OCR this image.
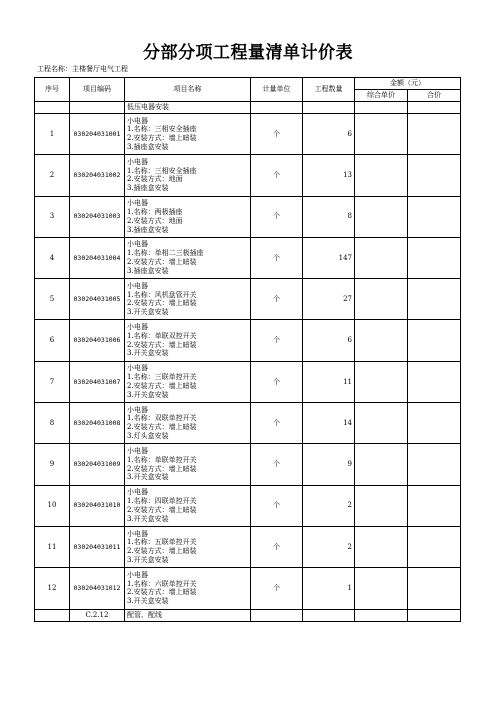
分部分项工程量清单计价表
工程名称：主楼餐厅电气工程
序号	项目编码	项目名称	计量单位	工程数量	金额（元）	
					综合单价	合价
		低压电器安装				
1	030204031001	小电器
1.名称：三相安全插座
2.安装方式：墙上暗装
3.插座盒安装	个	6		
2	030204031002	小电器
1.名称：三相安全插座
2.安装方式：地面
3.插座盒安装	个	13		
3	030204031003	小电器
1.名称：两极插座
2.安装方式：地面
3.插座盒安装	个	8		
4	030204031004	小电器
1.名称：单相二三极插座
2.安装方式：墙上暗装
3.插座盒安装	个	147		
5	030204031005	小电器
1.名称：风机盘管开关
2.安装方式：墙上暗装
3.开关盒安装	个	27		
6	030204031006	小电器
1.名称：单联双控开关
2.安装方式：墙上暗装
3.开关盒安装	个	6		
7	030204031007	小电器
1.名称：三联单控开关
2.安装方式：墙上暗装
3.开关盒安装	个	11		
8	030204031008	小电器
1.名称：双联单控开关
2.安装方式：墙上暗装
3.灯头盒安装	个	14		
9	030204031009	小电器
1.名称：单联单控开关
2.安装方式：墙上暗装
3.开关盒安装	个	9		
10	030204031010	小电器
1.名称：四联单控开关
2.安装方式：墙上暗装
3.开关盒安装	个	2		
11	030204031011	小电器
1.名称：五联单控开关
2.安装方式：墙上暗装
3.开关盒安装	个	2		
12	030204031012	小电器
1.名称：六联单控开关
2.安装方式：墙上暗装
3.开关盒安装	个	1		
	C.2.12	配管、配线				
